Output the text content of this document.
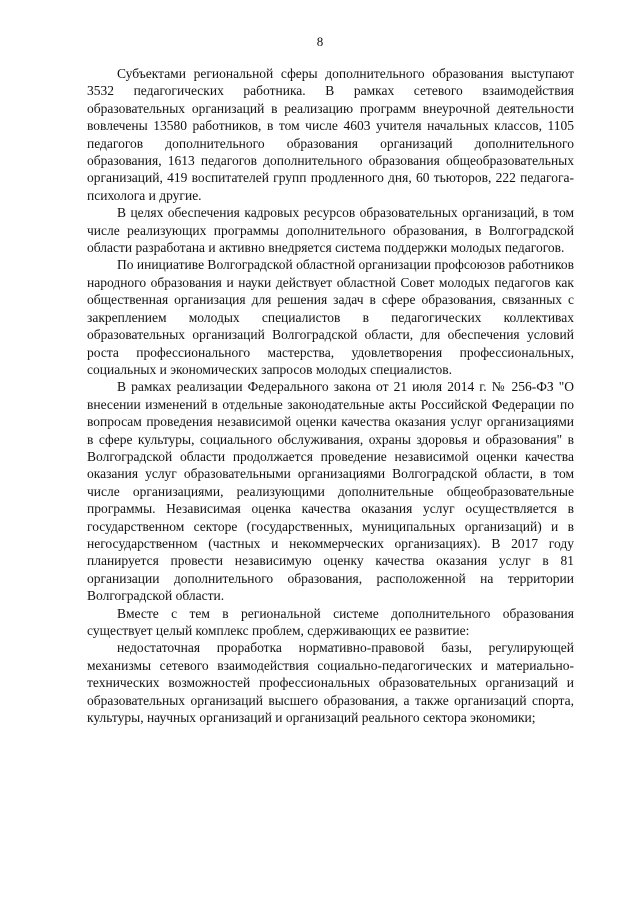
8

Субъектами региональной сферы дополнительного образования выступают 3532 педагогических работника. В рамках сетевого взаимодействия образовательных организаций в реализацию программ внеурочной деятельности вовлечены 13580 работников, в том числе 4603 учителя начальных классов, 1105 педагогов дополнительного образования организаций дополнительного образования, 1613 педагогов дополнительного образования общеобразовательных организаций, 419 воспитателей групп продленного дня, 60 тьюторов, 222 педагога-психолога и другие.

В целях обеспечения кадровых ресурсов образовательных организаций, в том числе реализующих программы дополнительного образования, в Волгоградской области разработана и активно внедряется система поддержки молодых педагогов.

По инициативе Волгоградской областной организации профсоюзов работников народного образования и науки действует областной Совет молодых педагогов как общественная организация для решения задач в сфере образования, связанных с закреплением молодых специалистов в педагогических коллективах образовательных организаций Волгоградской области, для обеспечения условий роста профессионального мастерства, удовлетворения профессиональных, социальных и экономических запросов молодых специалистов.

В рамках реализации Федерального закона от 21 июля 2014 г. № 256-ФЗ "О внесении изменений в отдельные законодательные акты Российской Федерации по вопросам проведения независимой оценки качества оказания услуг организациями в сфере культуры, социального обслуживания, охраны здоровья и образования" в Волгоградской области продолжается проведение независимой оценки качества оказания услуг образовательными организациями Волгоградской области, в том числе организациями, реализующими дополнительные общеобразовательные программы. Независимая оценка качества оказания услуг осуществляется в государственном секторе (государственных, муниципальных организаций) и в негосударственном (частных и некоммерческих организациях). В 2017 году планируется провести независимую оценку качества оказания услуг в 81 организации дополнительного образования, расположенной на территории Волгоградской области.

Вместе с тем в региональной системе дополнительного образования существует целый комплекс проблем, сдерживающих ее развитие:

недостаточная проработка нормативно-правовой базы, регулирующей механизмы сетевого взаимодействия социально-педагогических и материально-технических возможностей профессиональных образовательных организаций и образовательных организаций высшего образования, а также организаций спорта, культуры, научных организаций и организаций реального сектора экономики;
